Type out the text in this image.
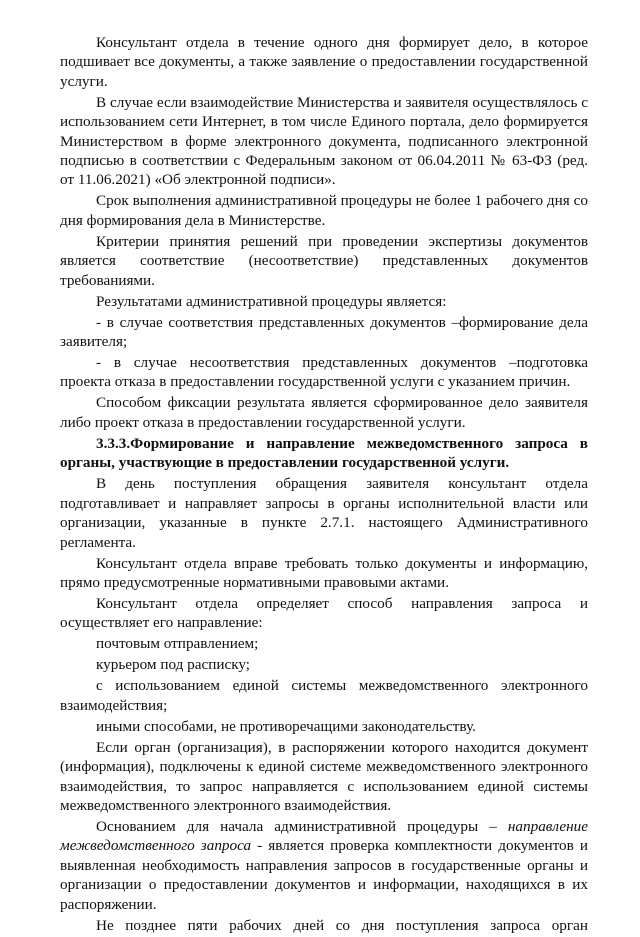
Консультант отдела в течение одного дня формирует дело, в которое подшивает все документы, а также заявление о предоставлении государственной услуги.

В случае если взаимодействие Министерства и заявителя осуществлялось с использованием сети Интернет, в том числе Единого портала, дело формируется Министерством в форме электронного документа, подписанного электронной подписью в соответствии с Федеральным законом от 06.04.2011 № 63-ФЗ (ред. от 11.06.2021) «Об электронной подписи».

Срок выполнения административной процедуры не более 1 рабочего дня со дня формирования дела в Министерстве.

Критерии принятия решений при проведении экспертизы документов является соответствие (несоответствие) представленных документов требованиями.

Результатами административной процедуры является:

- в случае соответствия представленных документов –формирование дела заявителя;

- в случае несоответствия представленных документов –подготовка проекта отказа в предоставлении государственной услуги с указанием причин.

Способом фиксации результата является сформированное дело заявителя либо проект отказа в предоставлении государственной услуги.

3.3.3.Формирование и направление межведомственного запроса в органы, участвующие в предоставлении государственной услуги.

В день поступления обращения заявителя консультант отдела подготавливает и направляет запросы в органы исполнительной власти или организации, указанные в пункте 2.7.1. настоящего Административного регламента.

Консультант отдела вправе требовать только документы и информацию, прямо предусмотренные нормативными правовыми актами.

Консультант отдела определяет способ направления запроса и осуществляет его направление:

почтовым отправлением;

курьером под расписку;

с использованием единой системы межведомственного электронного взаимодействия;

иными способами, не противоречащими законодательству.

Если орган (организация), в распоряжении которого находится документ (информация), подключены к единой системе межведомственного электронного взаимодействия, то запрос направляется с использованием единой системы межведомственного электронного взаимодействия.

Основанием для начала административной процедуры – направление межведомственного запроса - является проверка комплектности документов и выявленная необходимость направления запросов в государственные органы и организации о предоставлении документов и информации, находящихся в их распоряжении.

Не позднее пяти рабочих дней со дня поступления запроса орган
